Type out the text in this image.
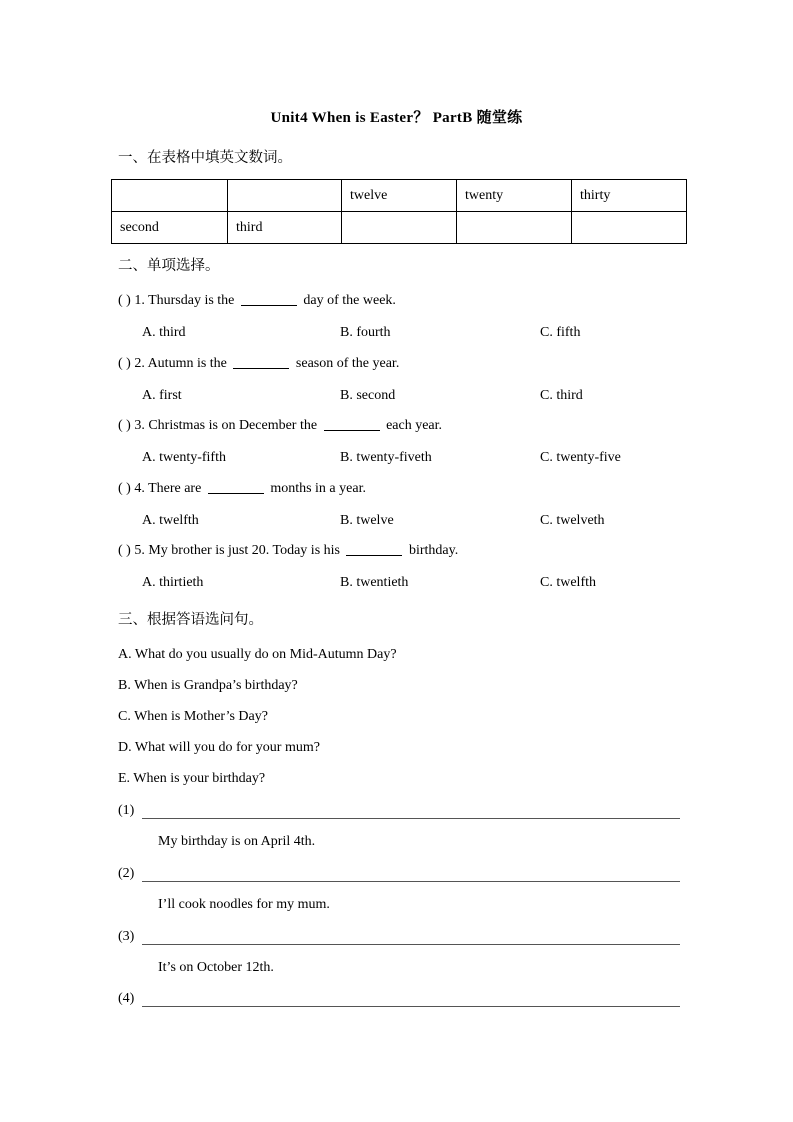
Unit4 When is Easter？ PartB 随堂练
一、在表格中填英文数词。
		twelve	twenty	thirty
second	third			
二、单项选择。
( ) 1. Thursday is the	day of the week.
A. third	B. fourth	C. fifth
( ) 2. Autumn is the	season of the year.
A. first	B. second	C. third
( ) 3. Christmas is on December the	each year.
A. twenty-fifth	B. twenty-fiveth	C. twenty-five
( ) 4. There are	months in a year.
A. twelfth	B. twelve	C. twelveth
( ) 5. My brother is just 20. Today is his	birthday.
A. thirtieth	B. twentieth	C. twelfth
三、根据答语选问句。
A. What do you usually do on Mid-Autumn Day?
B. When is Grandpa’s birthday?
C. When is Mother’s Day?
D. What will you do for your mum?
E. When is your birthday?
(1)
My birthday is on April 4th.
(2)
I’ll cook noodles for my mum.
(3)
It’s on October 12th.
(4)
